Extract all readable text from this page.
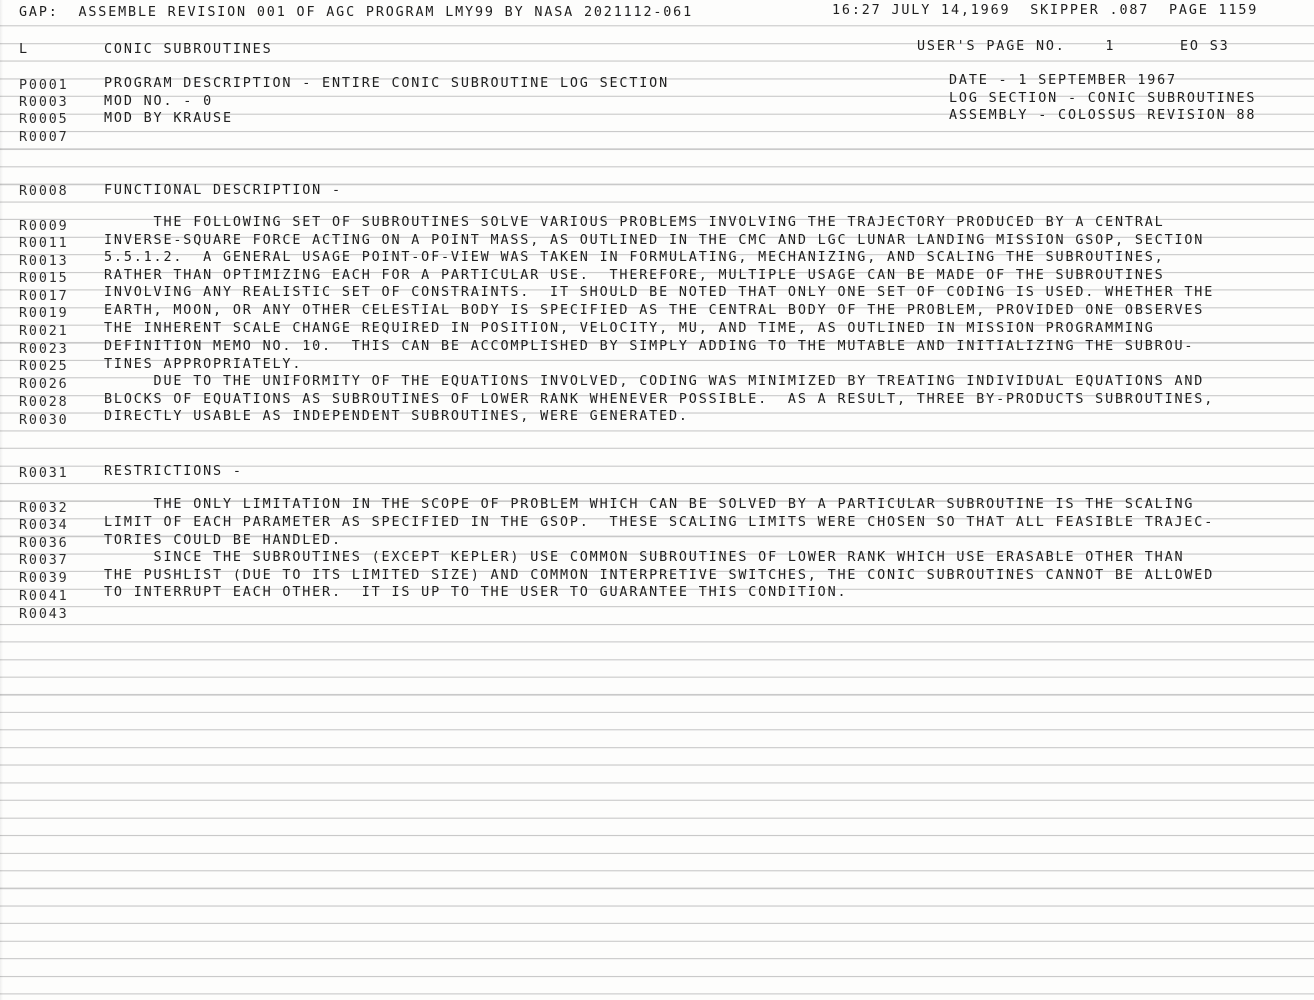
GAP:  ASSEMBLE REVISION 001 OF AGC PROGRAM LMY99 BY NASA 2021112-061	16:27 JULY 14,1969  SKIPPER .087  PAGE 1159
L	CONIC SUBROUTINES	USER'S PAGE NO.    1	EO S3
DATE - 1 SEPTEMBER 1967
LOG SECTION - CONIC SUBROUTINES
ASSEMBLY - COLOSSUS REVISION 88
P0001	PROGRAM DESCRIPTION - ENTIRE CONIC SUBROUTINE LOG SECTION
R0003	MOD NO. - 0
R0005	MOD BY KRAUSE
R0007
R0008	FUNCTIONAL DESCRIPTION -
R0009	THE FOLLOWING SET OF SUBROUTINES SOLVE VARIOUS PROBLEMS INVOLVING THE TRAJECTORY PRODUCED BY A CENTRAL
R0011	INVERSE-SQUARE FORCE ACTING ON A POINT MASS, AS OUTLINED IN THE CMC AND LGC LUNAR LANDING MISSION GSOP, SECTION
R0013	5.5.1.2.  A GENERAL USAGE POINT-OF-VIEW WAS TAKEN IN FORMULATING, MECHANIZING, AND SCALING THE SUBROUTINES,
R0015	RATHER THAN OPTIMIZING EACH FOR A PARTICULAR USE.  THEREFORE, MULTIPLE USAGE CAN BE MADE OF THE SUBROUTINES
R0017	INVOLVING ANY REALISTIC SET OF CONSTRAINTS.  IT SHOULD BE NOTED THAT ONLY ONE SET OF CODING IS USED. WHETHER THE
R0019	EARTH, MOON, OR ANY OTHER CELESTIAL BODY IS SPECIFIED AS THE CENTRAL BODY OF THE PROBLEM, PROVIDED ONE OBSERVES
R0021	THE INHERENT SCALE CHANGE REQUIRED IN POSITION, VELOCITY, MU, AND TIME, AS OUTLINED IN MISSION PROGRAMMING
R0023	DEFINITION MEMO NO. 10.  THIS CAN BE ACCOMPLISHED BY SIMPLY ADDING TO THE MUTABLE AND INITIALIZING THE SUBROU-
R0025	TINES APPROPRIATELY.
R0026	DUE TO THE UNIFORMITY OF THE EQUATIONS INVOLVED, CODING WAS MINIMIZED BY TREATING INDIVIDUAL EQUATIONS AND
R0028	BLOCKS OF EQUATIONS AS SUBROUTINES OF LOWER RANK WHENEVER POSSIBLE.  AS A RESULT, THREE BY-PRODUCTS SUBROUTINES,
R0030	DIRECTLY USABLE AS INDEPENDENT SUBROUTINES, WERE GENERATED.
R0031	RESTRICTIONS -
R0032	THE ONLY LIMITATION IN THE SCOPE OF PROBLEM WHICH CAN BE SOLVED BY A PARTICULAR SUBROUTINE IS THE SCALING
R0034	LIMIT OF EACH PARAMETER AS SPECIFIED IN THE GSOP.  THESE SCALING LIMITS WERE CHOSEN SO THAT ALL FEASIBLE TRAJEC-
R0036	TORIES COULD BE HANDLED.
R0037	SINCE THE SUBROUTINES (EXCEPT KEPLER) USE COMMON SUBROUTINES OF LOWER RANK WHICH USE ERASABLE OTHER THAN
R0039	THE PUSHLIST (DUE TO ITS LIMITED SIZE) AND COMMON INTERPRETIVE SWITCHES, THE CONIC SUBROUTINES CANNOT BE ALLOWED
R0041	TO INTERRUPT EACH OTHER.  IT IS UP TO THE USER TO GUARANTEE THIS CONDITION.
R0043
